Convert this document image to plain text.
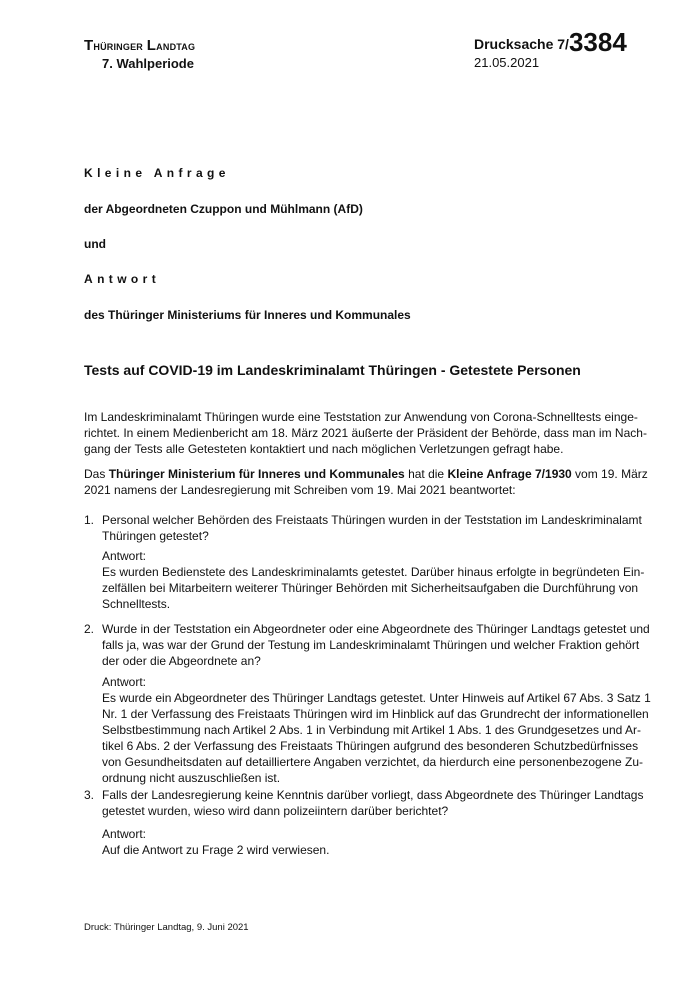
Thüringer Landtag
7. Wahlperiode
Drucksache 7/3384
21.05.2021
Kleine Anfrage
der Abgeordneten Czuppon und Mühlmann (AfD)
und
Antwort
des Thüringer Ministeriums für Inneres und Kommunales
Tests auf COVID-19 im Landeskriminalamt Thüringen - Getestete Personen
Im Landeskriminalamt Thüringen wurde eine Teststation zur Anwendung von Corona-Schnelltests einge-
richtet. In einem Medienbericht am 18. März 2021 äußerte der Präsident der Behörde, dass man im Nach-
gang der Tests alle Getesteten kontaktiert und nach möglichen Verletzungen gefragt habe.
Das Thüringer Ministerium für Inneres und Kommunales hat die Kleine Anfrage 7/1930 vom 19. März
2021 namens der Landesregierung mit Schreiben vom 19. Mai 2021 beantwortet:
1. Personal welcher Behörden des Freistaats Thüringen wurden in der Teststation im Landeskriminalamt
Thüringen getestet?
Antwort:
Es wurden Bedienstete des Landeskriminalamts getestet. Darüber hinaus erfolgte in begründeten Ein-
zelfällen bei Mitarbeitern weiterer Thüringer Behörden mit Sicherheitsaufgaben die Durchführung von
Schnelltests.
2. Wurde in der Teststation ein Abgeordneter oder eine Abgeordnete des Thüringer Landtags getestet und
falls ja, was war der Grund der Testung im Landeskriminalamt Thüringen und welcher Fraktion gehört
der oder die Abgeordnete an?
Antwort:
Es wurde ein Abgeordneter des Thüringer Landtags getestet. Unter Hinweis auf Artikel 67 Abs. 3 Satz 1
Nr. 1 der Verfassung des Freistaats Thüringen wird im Hinblick auf das Grundrecht der informationellen
Selbstbestimmung nach Artikel 2 Abs. 1 in Verbindung mit Artikel 1 Abs. 1 des Grundgesetzes und Ar-
tikel 6 Abs. 2 der Verfassung des Freistaats Thüringen aufgrund des besonderen Schutzbedürfnisses
von Gesundheitsdaten auf detailliertere Angaben verzichtet, da hierdurch eine personenbezogene Zu-
ordnung nicht auszuschließen ist.
3. Falls der Landesregierung keine Kenntnis darüber vorliegt, dass Abgeordnete des Thüringer Landtags
getestet wurden, wieso wird dann polizeiintern darüber berichtet?
Antwort:
Auf die Antwort zu Frage 2 wird verwiesen.
Druck: Thüringer Landtag, 9. Juni 2021
